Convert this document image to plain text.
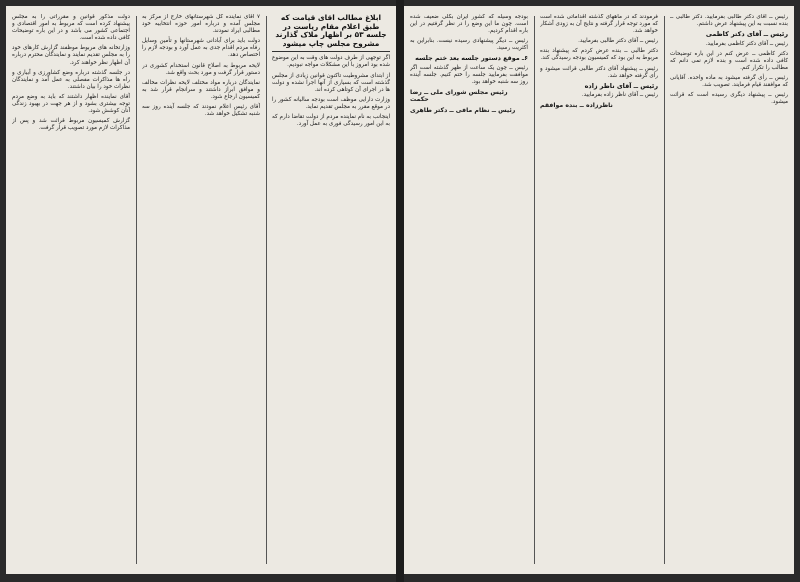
دولت مذکور قوانین و مقرراتی را به مجلس پیشنهاد کرده است که مربوط به امور اقتصادی و اجتماعی کشور می باشد و در این باره توضیحات کافی داده شده است.

وزارتخانه های مربوط موظفند گزارش کارهای خود را به مجلس تقدیم نمایند و نمایندگان محترم درباره آن اظهار نظر خواهند کرد.

در جلسه گذشته درباره وضع کشاورزی و آبیاری و راه ها مذاکرات مفصلی به عمل آمد و نمایندگان نظرات خود را بیان داشتند.

آقای نماینده اظهار داشتند که باید به وضع مردم توجه بیشتری بشود و از هر جهت در بهبود زندگی آنان کوشش شود.

گزارش کمیسیون مربوط قرائت شد و پس از مذاکرات لازم مورد تصویب قرار گرفت.

۷ آقای نماینده کل شهرستانهای خارج از مرکز به مجلس آمده و درباره امور حوزه انتخابیه خود مطالبی ایراد نمودند.

دولت باید برای آبادانی شهرستانها و تأمین وسایل رفاه مردم اقدام جدی به عمل آورد و بودجه لازم را اختصاص دهد.

لایحه مربوط به اصلاح قانون استخدام کشوری در دستور قرار گرفت و مورد بحث واقع شد.

نمایندگان درباره مواد مختلف لایحه نظرات مخالف و موافق ابراز داشتند و سرانجام قرار شد به کمیسیون ارجاع شود.

آقای رئیس اعلام نمودند که جلسه آینده روز سه شنبه تشکیل خواهد شد.

ابلاغ مطالب آقای قیامت که طبق اعلام مقام ریاست در جلسه ۵۳ بر اظهار ملاک گذارند مشروح مجلس چاپ میشود

اگر توجهی از طرف دولت های وقت به این موضوع شده بود امروز با این مشکلات مواجه نبودیم.

از ابتدای مشروطیت تاکنون قوانین زیادی از مجلس گذشته است که بسیاری از آنها اجرا نشده و دولت ها در اجرای آن کوتاهی کرده اند.

وزارت دارایی موظف است بودجه سالیانه کشور را در موقع مقرر به مجلس تقدیم نماید.

اینجانب به نام نماینده مردم از دولت تقاضا دارم که به این امور رسیدگی فوری به عمل آورد.

بودجه وسیله که کشور ایران بکلی ضعیف شده است. چون ما این وضع را در نظر گرفتیم در این باره اقدام کردیم.

رئیس ــ دیگر پیشنهادی رسیده نیست. بنابراین به اکثریت رسید.

۶ـ موقع دستور جلسه بعد ختم جلسه

رئیس ــ چون یک ساعت از ظهر گذشته است اگر موافقت بفرمایید جلسه را ختم کنیم. جلسه آینده روز سه شنبه خواهد بود.

رئیس مجلس شورای ملی ــ رضا حکمت
رئیس ــ نظام مافی ــ دکتر طاهری

فرمودند که در ماههای گذشته اقداماتی شده است که مورد توجه قرار گرفته و نتایج آن به زودی آشکار خواهد شد.

رئیس ــ آقای دکتر طالبی بفرمایید.

دکتر طالبی ــ بنده عرض کردم که پیشنهاد بنده مربوط به این بود که کمیسیون بودجه رسیدگی کند.

رئیس ــ پیشنهاد آقای دکتر طالبی قرائت میشود و رأی گرفته خواهد شد.

رئیس ــ آقای ناظر زاده

رئیس ــ آقای ناظر زاده بفرمایید.

ناظرزاده ــ بنده موافقم

رئیس ــ آقای دکتر طالبی بفرمایید. دکتر طالبی ــ بنده نسبت به این پیشنهاد عرض داشتم.

رئیس ــ آقای دکتر کاظمی

رئیس ــ آقای دکتر کاظمی بفرمایید.

دکتر کاظمی ــ عرض کنم در این باره توضیحات کافی داده شده است و بنده لازم نمی دانم که مطالب را تکرار کنم.

رئیس ــ رأی گرفته میشود به ماده واحده. آقایانی که موافقند قیام فرمایند. تصویب شد.

رئیس ــ پیشنهاد دیگری رسیده است که قرائت میشود.
